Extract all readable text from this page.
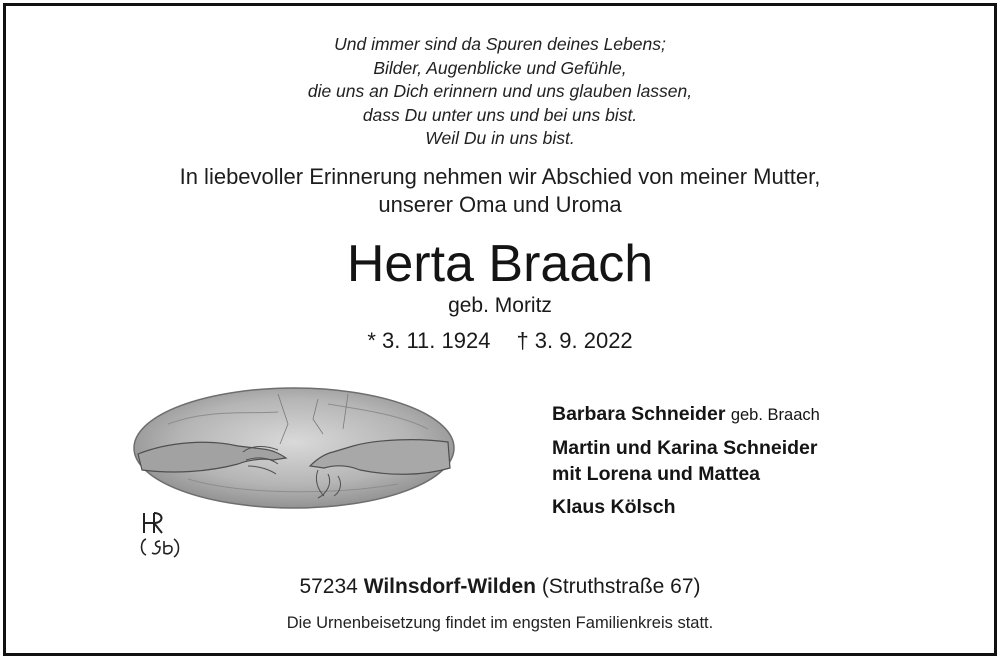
Und immer sind da Spuren deines Lebens;
Bilder, Augenblicke und Gefühle,
die uns an Dich erinnern und uns glauben lassen,
dass Du unter uns und bei uns bist.
Weil Du in uns bist.
In liebevoller Erinnerung nehmen wir Abschied von meiner Mutter,
unserer Oma und Uroma
Herta Braach
geb. Moritz
* 3. 11. 1924 † 3. 9. 2022
Barbara Schneider geb. Braach
Martin und Karina Schneider
mit Lorena und Mattea
Klaus Kölsch
57234 Wilnsdorf-Wilden (Struthstraße 67)
Die Urnenbeisetzung findet im engsten Familienkreis statt.
